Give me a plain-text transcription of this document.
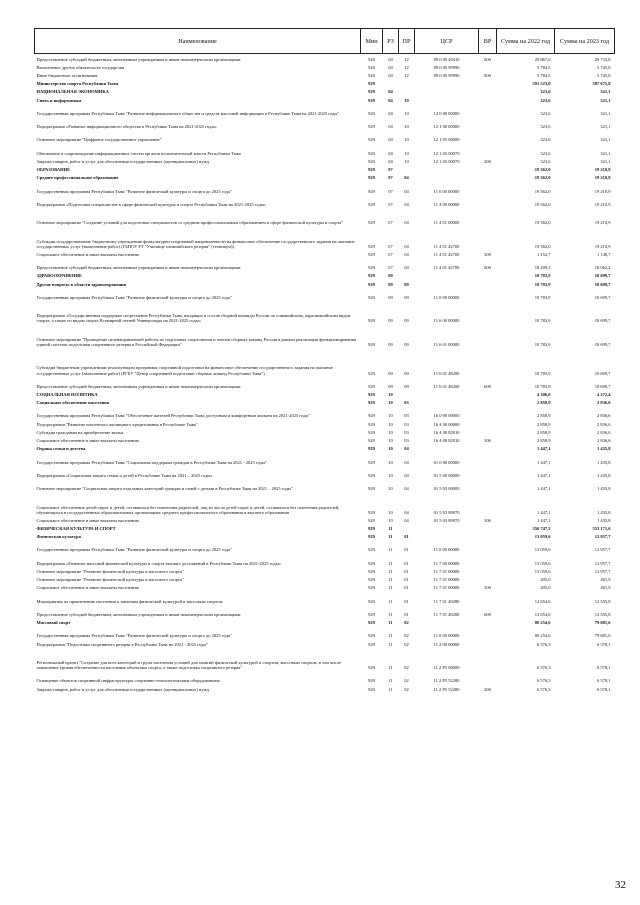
Наименование	Мин	РЗ	ПР	ЦСР	ВР	Сумма на 2022 год	Сумма на 2023 год
Предоставление субсидий бюджетным, автономным учреждениям и иным некоммерческим организациям	926	04	12	89 0 00 40410	600	29 867,6	29 733,8
Выполнение других обязательств государства	926	04	12	89 0 00 99990		5 784,5	5 745,0
Иные бюджетные ассигнования	926	04	12	89 0 00 99990	800	5 784,5	5 745,0
Министерство спорта Республики Тыва	929					591 523,0	587 675,8
НАЦИОНАЛЬНАЯ ЭКОНОМИКА	929	04				323,6	321,1
Связь и информатика	929	04	10			323,6	321,1
Государственная программа Республики Тыва "Развитие информационного общества и средств массовой информации в Республике Тыва на 2021-2025 годы"	929	04	10	12 0 00 00000		323,6	321,1
Подпрограмма «Развитие информационного общества в Республике Тыва на 2021-2025 годы»	929	04	10	12 1 00 00000		323,6	321,1
Основное мероприятие "Цифровое государственное управление"	929	04	10	12 1 05 00000		323,6	321,1
Обновление и сопровождение информационных систем органов исполнительной власти Республики Тыва	929	04	10	12 1 05 00070		323,6	321,1
Закупка товаров, работ и услуг для обеспечения государственных (муниципальных) нужд	929	04	10	12 1 05 00070	200	323,6	321,1
ОБРАЗОВАНИЕ	929	07				19 362,0	19 210,9
Среднее профессиональное образование	929	07	04			19 362,0	19 210,9
Государственная программа Республики Тыва "Развитие физической культуры и спорта до 2025 года"	929	07	04	11 0 00 00000		19 362,0	19 210,9
Подпрограмма «Подготовка специалистов в сфере физической культуры и спорта Республики Тыва на 2021-2025 годы»	929	07	04	11 4 00 00000		19 362,0	19 210,9
Основное мероприятие "Создание условий для подготовки специалистов со средним профессиональным образованием в сфере физической культуры и спорта"	929	07	04	11 4 01 00000		19 362,0	19 210,9
Субсидии государственному бюджетному учреждению физкультурно-спортивной направленности на финансовое обеспечение государственного задания на оказание государственных услуг (выполнение работ) (ГБПОУ РТ "Училище олимпийского резерва" (техникум))	929	07	04	11 4 01 42700		19 362,0	19 210,9
Социальное обеспечение и иные выплаты населению	929	07	04	11 4 01 42700	300	1 152,7	1 148,7
Предоставление субсидий бюджетным, автономным учреждениям и иным некоммерческим организациям	929	07	04	11 4 01 42700	600	18 209,3	18 062,2
ЗДРАВООХРАНЕНИЕ	929	09				10 783,9	10 699,7
Другие вопросы в области здравоохранения	929	09	09			10 783,9	10 699,7
Государственная программа Республики Тыва "Развитие физической культуры и спорта до 2025 года"	929	09	09	11 0 00 00000		10 783,9	10 699,7
Подпрограмма «Государственная поддержка спортсменов Республики Тыва, входящих в состав сборной команды России по олимпийским, паралимпийским видам спорта, а также по видам спорта Всемирной летней Универсиады на 2021-2025 годы»	929	09	09	11 6 00 00000		10 783,9	10 699,7
Основное мероприятие "Проведение целенаправленной работы по подготовке спортсменов и членов сборных команд России в рамках реализации функционирования единой системы подготовки спортивного резерва в Российской Федерации"	929	09	09	11 6 01 00000		10 783,9	10 699,7
Субсидии бюджетным учреждениям реализующим программы спортивной подготовки на финансовое обеспечение государственного задания на оказание государственных услуг (выполнение работ) (РГБУ "Центр спортивной подготовки сборных команд Республики Тыва")	929	09	09	11 6 01 48200		10 783,9	10 699,7
Предоставление субсидий бюджетным, автономным учреждениям и иным некоммерческим организациям	929	09	09	11 6 01 48200	600	10 783,9	10 699,7
СОЦИАЛЬНАЯ ПОЛИТИКА	929	10				4 306,0	4 272,4
Социальное обеспечение населения	929	10	03			2 858,9	2 836,6
Государственная программа Республики Тыва "Обеспечение жителей Республики Тыва доступным и комфортным жильем на 2021-2025 годы"	929	10	03	16 0 00 00000		2 858,9	2 836,6
Подпрограмма "Развитие ипотечного жилищного кредитования в Республике Тыва"	929	10	03	16 4 00 00000		2 858,9	2 836,6
Субсидия гражданам на приобретение жилья	929	10	03	16 4 00 82010		2 858,9	2 836,6
Социальное обеспечение и иные выплаты населению	929	10	03	16 4 00 82010	300	2 858,9	2 836,6
Охрана семьи и детства	929	10	04			1 447,1	1 435,8
Государственная программа Республики Тыва "Социальная поддержка граждан в Республике Тыва на 2021 - 2025 годы"	929	10	04	01 0 00 00000		1 447,1	1 435,8
Подпрограмма «Социальная защита семьи и детей в Республике Тыва на 2021 – 2025 годы»	929	10	04	01 5 00 00000		1 447,1	1 435,8
Основное мероприятие "Социальная защита отдельных категорий граждан и семей с детьми в Республике Тыва на 2021 – 2025 годы"	929	10	04	01 5 03 00000		1 447,1	1 435,8
Социальное обеспечение детей-сирот и детей, оставшихся без попечения родителей, лиц из числа детей-сирот и детей, оставшихся без попечения родителей, обучающихся в государственных образовательных организациях среднего профессионального образования и высшего образования	929	10	04	01 5 03 89070		1 447,1	1 435,8
Социальное обеспечение и иные выплаты населению	929	10	04	01 5 03 89070	300	1 447,1	1 435,8
ФИЗИЧЕСКАЯ КУЛЬТУРА И СПОРТ	929	11				556 747,5	553 171,6
Физическая культура	929	11	01			13 059,6	12 957,7
Государственная программа Республики Тыва "Развитие физической культуры и спорта до 2025 года"	929	11	01	11 0 00 00000		13 059,6	12 957,7
Подпрограмма «Развитие массовой физической культуры и спорта высших достижений в Республике Тыва на 2021-2025 годы»	929	11	01	11 7 00 00000		13 059,6	12 957,7
Основное мероприятие "Развитие физической культуры и массового спорта"	929	11	01	11 7 01 00000		13 059,6	12 957,7
Основное мероприятие "Развитие физической культуры и массового спорта"	929	11	01	11 7 01 00000		405,0	401,9
Социальное обеспечение и иные выплаты населению	929	11	01	11 7 01 00000	300	405,0	401,9
Мероприятия по привлечению населения к занятиям физической культурой и массовым спортом	929	11	01	11 7 01 48280		12 654,6	12 555,8
Предоставление субсидий бюджетным, автономным учреждениям и иным некоммерческим организациям	929	11	01	11 7 01 48280	600	12 654,6	12 555,8
Массовый спорт	929	11	02			80 254,6	79 681,6
Государственная программа Республики Тыва "Развитие физической культуры и спорта до 2025 года"	929	11	02	11 0 00 00000		80 254,6	79 681,6
Подпрограмма "Подготовка спортивного резерва в Республике Тыва на 2021 - 2025 годы"	929	11	02	11 2 00 00000		6 576,3	6 578,1
Региональный проект "Создание для всех категорий и групп населения условий для занятий физической культурой и спортом, массовым спортом, в том числе повышение уровня обеспеченности населения объектами спорта, а также подготовка спортивного резерва"	929	11	02	11 2 P5 00000		6 576,3	6 578,1
Оснащение объектов спортивной инфраструктуры спортивно-технологическим оборудованием	929	11	02	11 2 P5 52280		6 576,3	6 578,1
Закупка товаров, работ и услуг для обеспечения государственных (муниципальных) нужд	929	11	02	11 2 P5 52280	200	6 576,3	6 578,1
32
